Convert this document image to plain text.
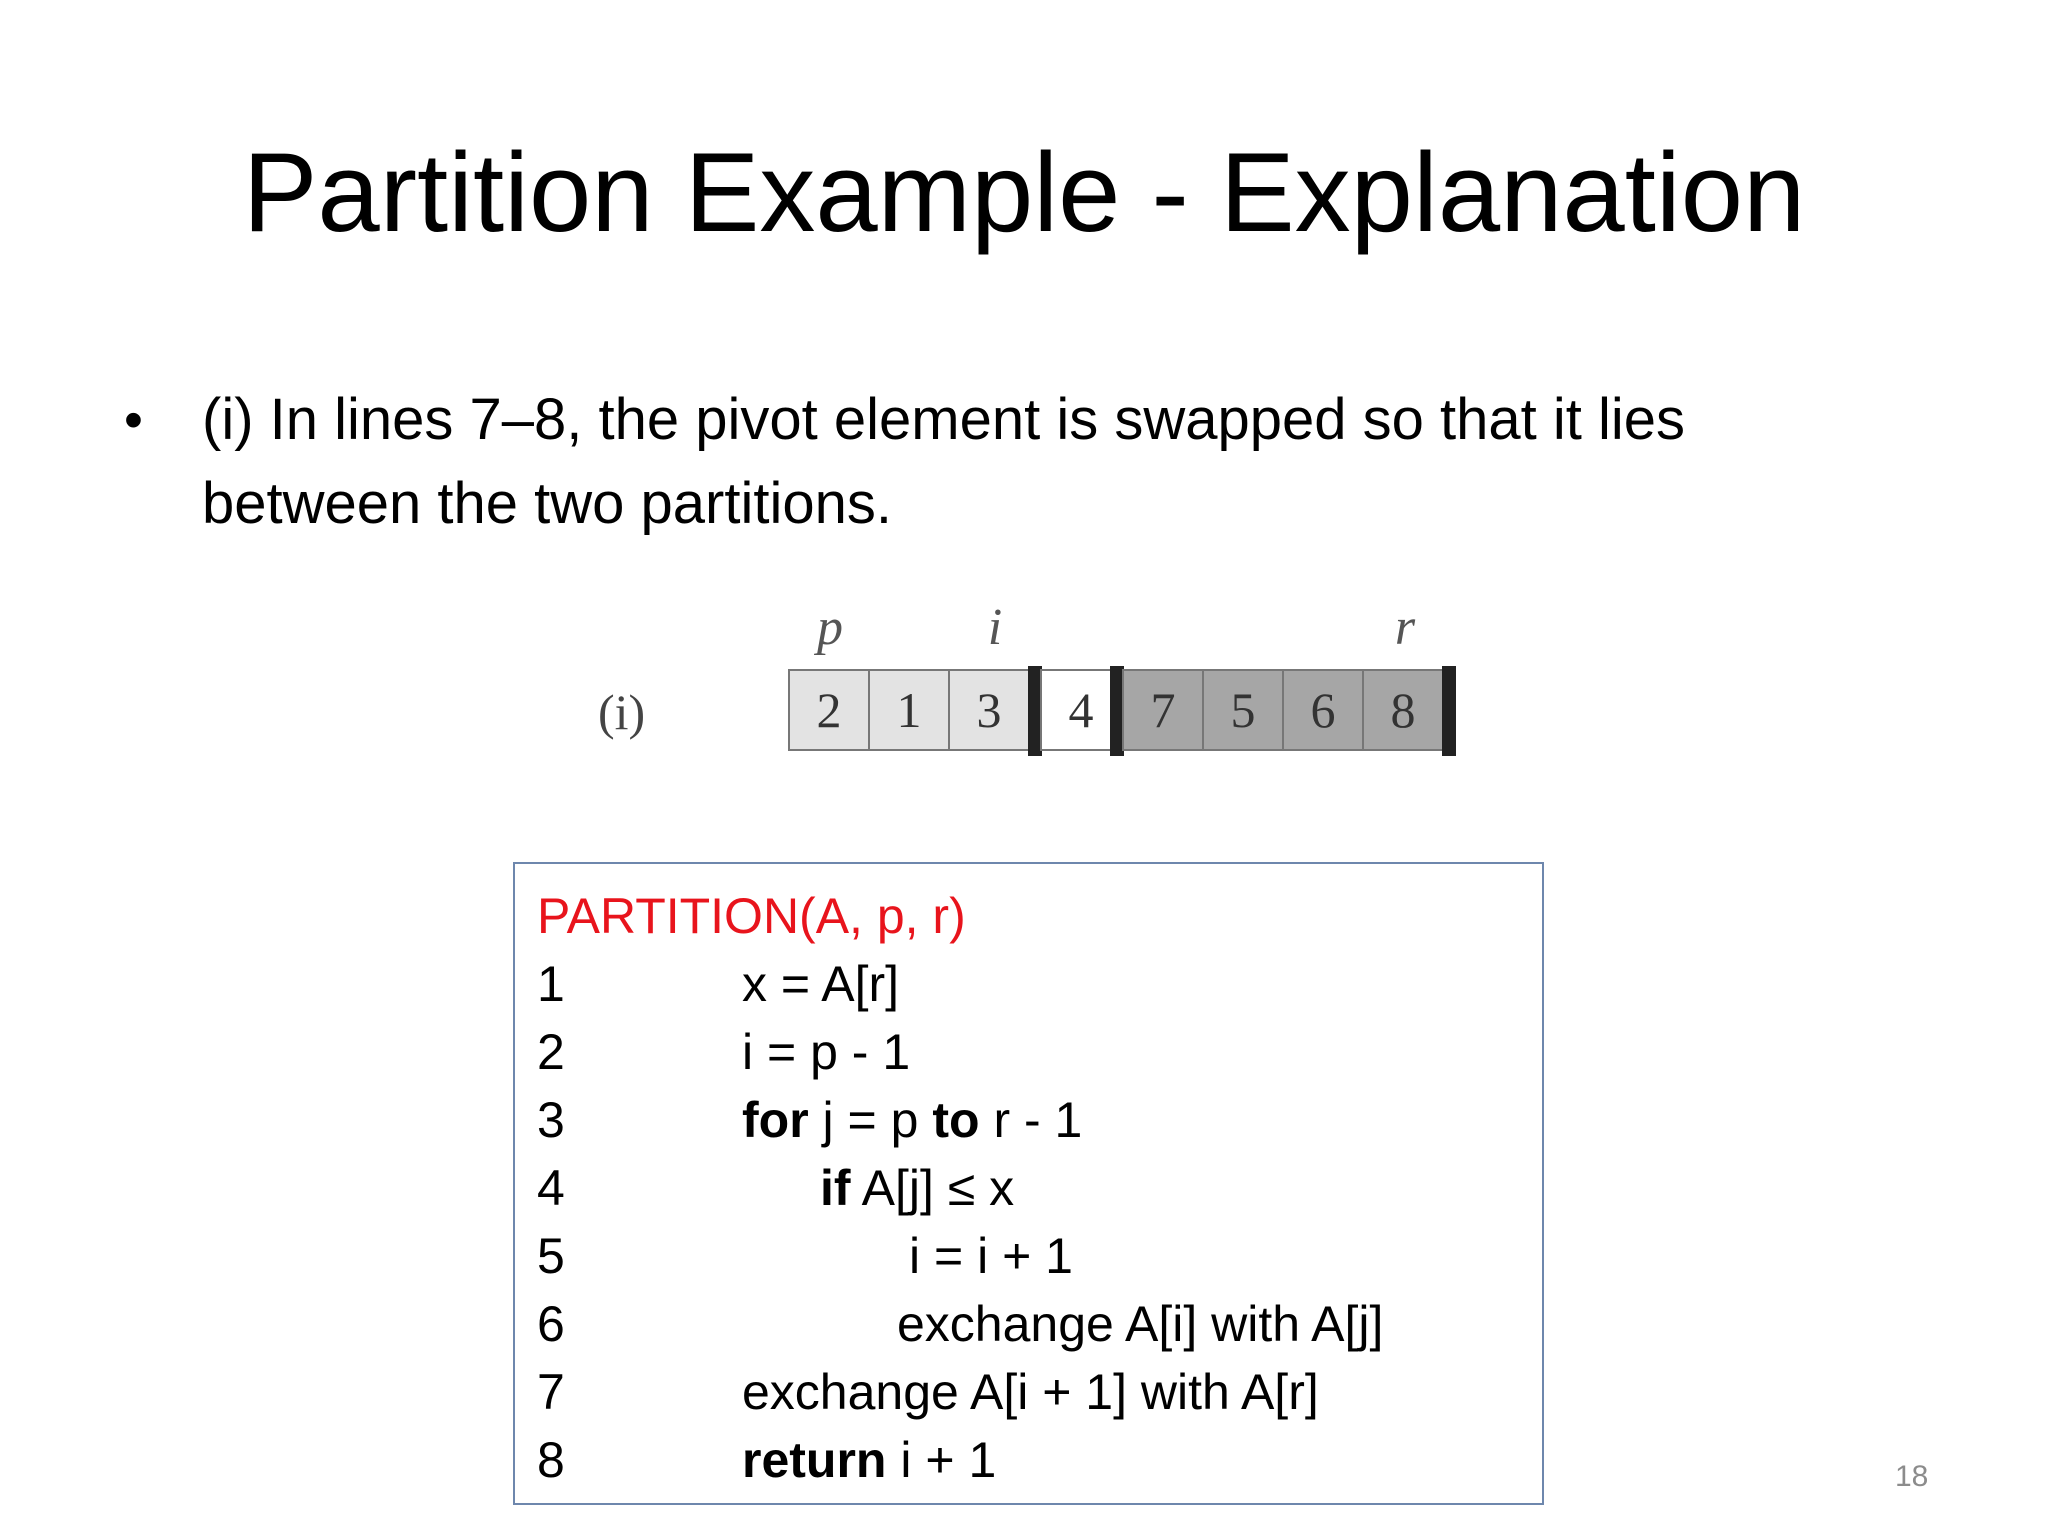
Partition Example - Explanation
• (i) In lines 7–8, the pivot element is swapped so that it lies between the two partitions.
(i)
p	i	r
2	1	3	4	7	5	6	8
PARTITION(A, p, r)
1	x = A[r]
2	i = p - 1
3	for j = p to r - 1
4	if A[j] ≤ x
5	i = i + 1
6	exchange A[i] with A[j]
7	exchange A[i + 1] with A[r]
8	return i + 1	18
